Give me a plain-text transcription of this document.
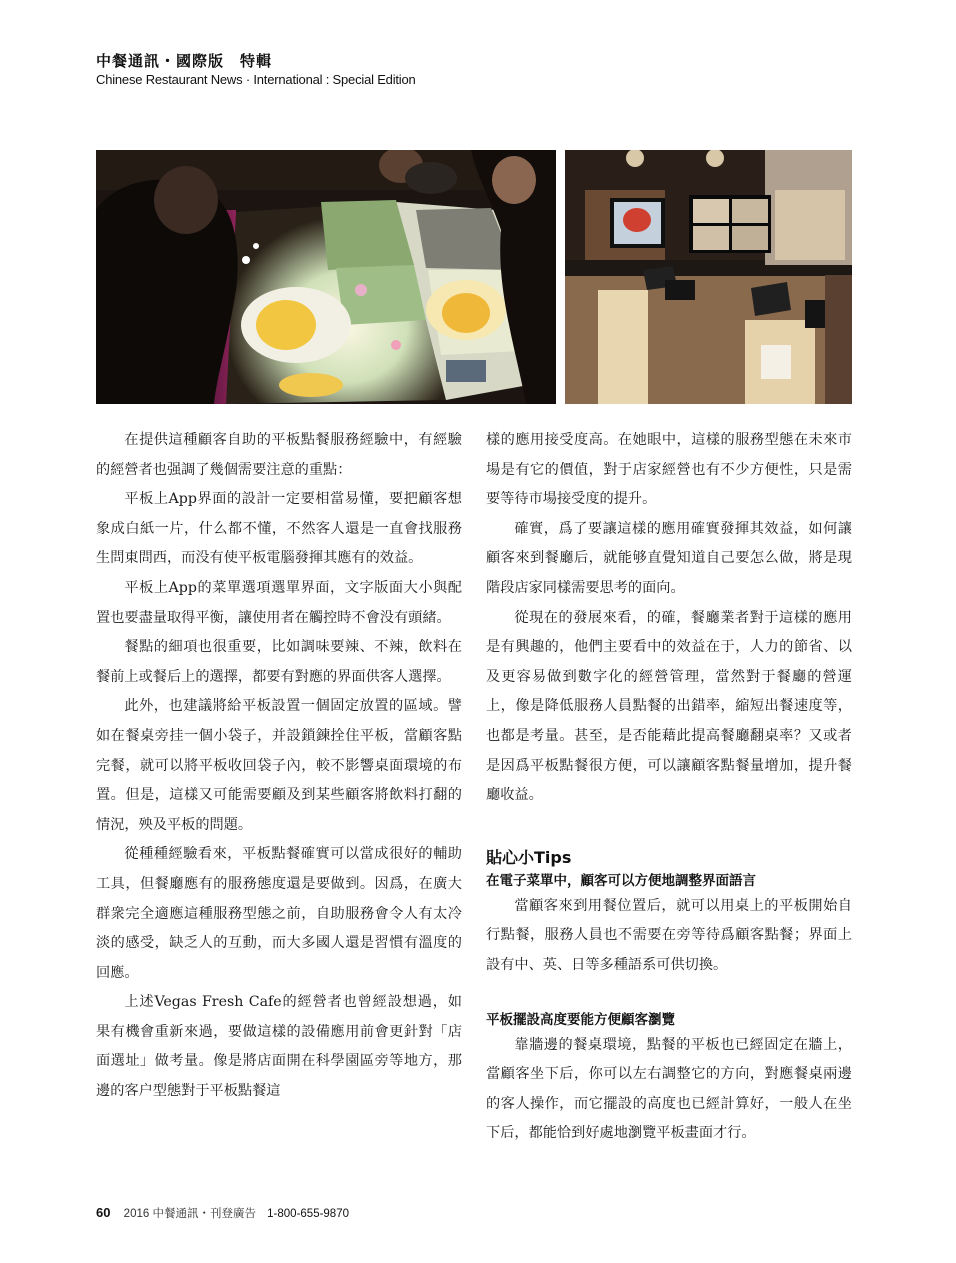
中餐通訊・國際版　特輯
Chinese Restaurant News · International : Special Edition

在提供這種顧客自助的平板點餐服務經驗中，有經驗的經營者也强調了幾個需要注意的重點：

平板上App界面的設計一定要相當易懂，要把顧客想象成白紙一片，什么都不懂，不然客人還是一直會找服務生問東問西，而没有使平板電腦發揮其應有的效益。

平板上App的菜單選項選單界面，文字版面大小與配置也要盡量取得平衡，讓使用者在觸控時不會没有頭緒。

餐點的細項也很重要，比如調味要辣、不辣，飲料在餐前上或餐后上的選擇，都要有對應的界面供客人選擇。

此外，也建議將給平板設置一個固定放置的區域。譬如在餐桌旁挂一個小袋子，并設鎖鍊拴住平板，當顧客點完餐，就可以將平板收回袋子內，較不影響桌面環境的布置。但是，這樣又可能需要顧及到某些顧客將飲料打翻的情況，殃及平板的問題。

從種種經驗看來，平板點餐確實可以當成很好的輔助工具，但餐廳應有的服務態度還是要做到。因爲，在廣大群衆完全適應這種服務型態之前，自助服務會令人有太冷淡的感受，缺乏人的互動，而大多國人還是習慣有溫度的回應。

上述Vegas Fresh Cafe的經營者也曾經設想過，如果有機會重新來過，要做這樣的設備應用前會更針對「店面選址」做考量。像是將店面開在科學園區旁等地方，那邊的客户型態對于平板點餐這

樣的應用接受度高。在她眼中，這樣的服務型態在未來市場是有它的價值，對于店家經營也有不少方便性，只是需要等待市場接受度的提升。

確實，爲了要讓這樣的應用確實發揮其效益，如何讓顧客來到餐廳后，就能够直覺知道自己要怎么做，將是現階段店家同樣需要思考的面向。

從現在的發展來看，的確，餐廳業者對于這樣的應用是有興趣的，他們主要看中的效益在于，人力的節省、以及更容易做到數字化的經營管理，當然對于餐廳的營運上，像是降低服務人員點餐的出錯率，縮短出餐速度等，也都是考量。甚至，是否能藉此提高餐廳翻桌率？又或者是因爲平板點餐很方便，可以讓顧客點餐量增加，提升餐廳收益。

貼心小Tips

在電子菜單中，顧客可以方便地調整界面語言

當顧客來到用餐位置后，就可以用桌上的平板開始自行點餐，服務人員也不需要在旁等待爲顧客點餐；界面上設有中、英、日等多種語系可供切換。

平板擺設高度要能方便顧客瀏覽

靠牆邊的餐桌環境，點餐的平板也已經固定在牆上，當顧客坐下后，你可以左右調整它的方向，對應餐桌兩邊的客人操作，而它擺設的高度也已經計算好，一般人在坐下后，都能恰到好處地瀏覽平板畫面才行。

60 2016 中餐通訊・刊登廣告 1-800-655-9870
